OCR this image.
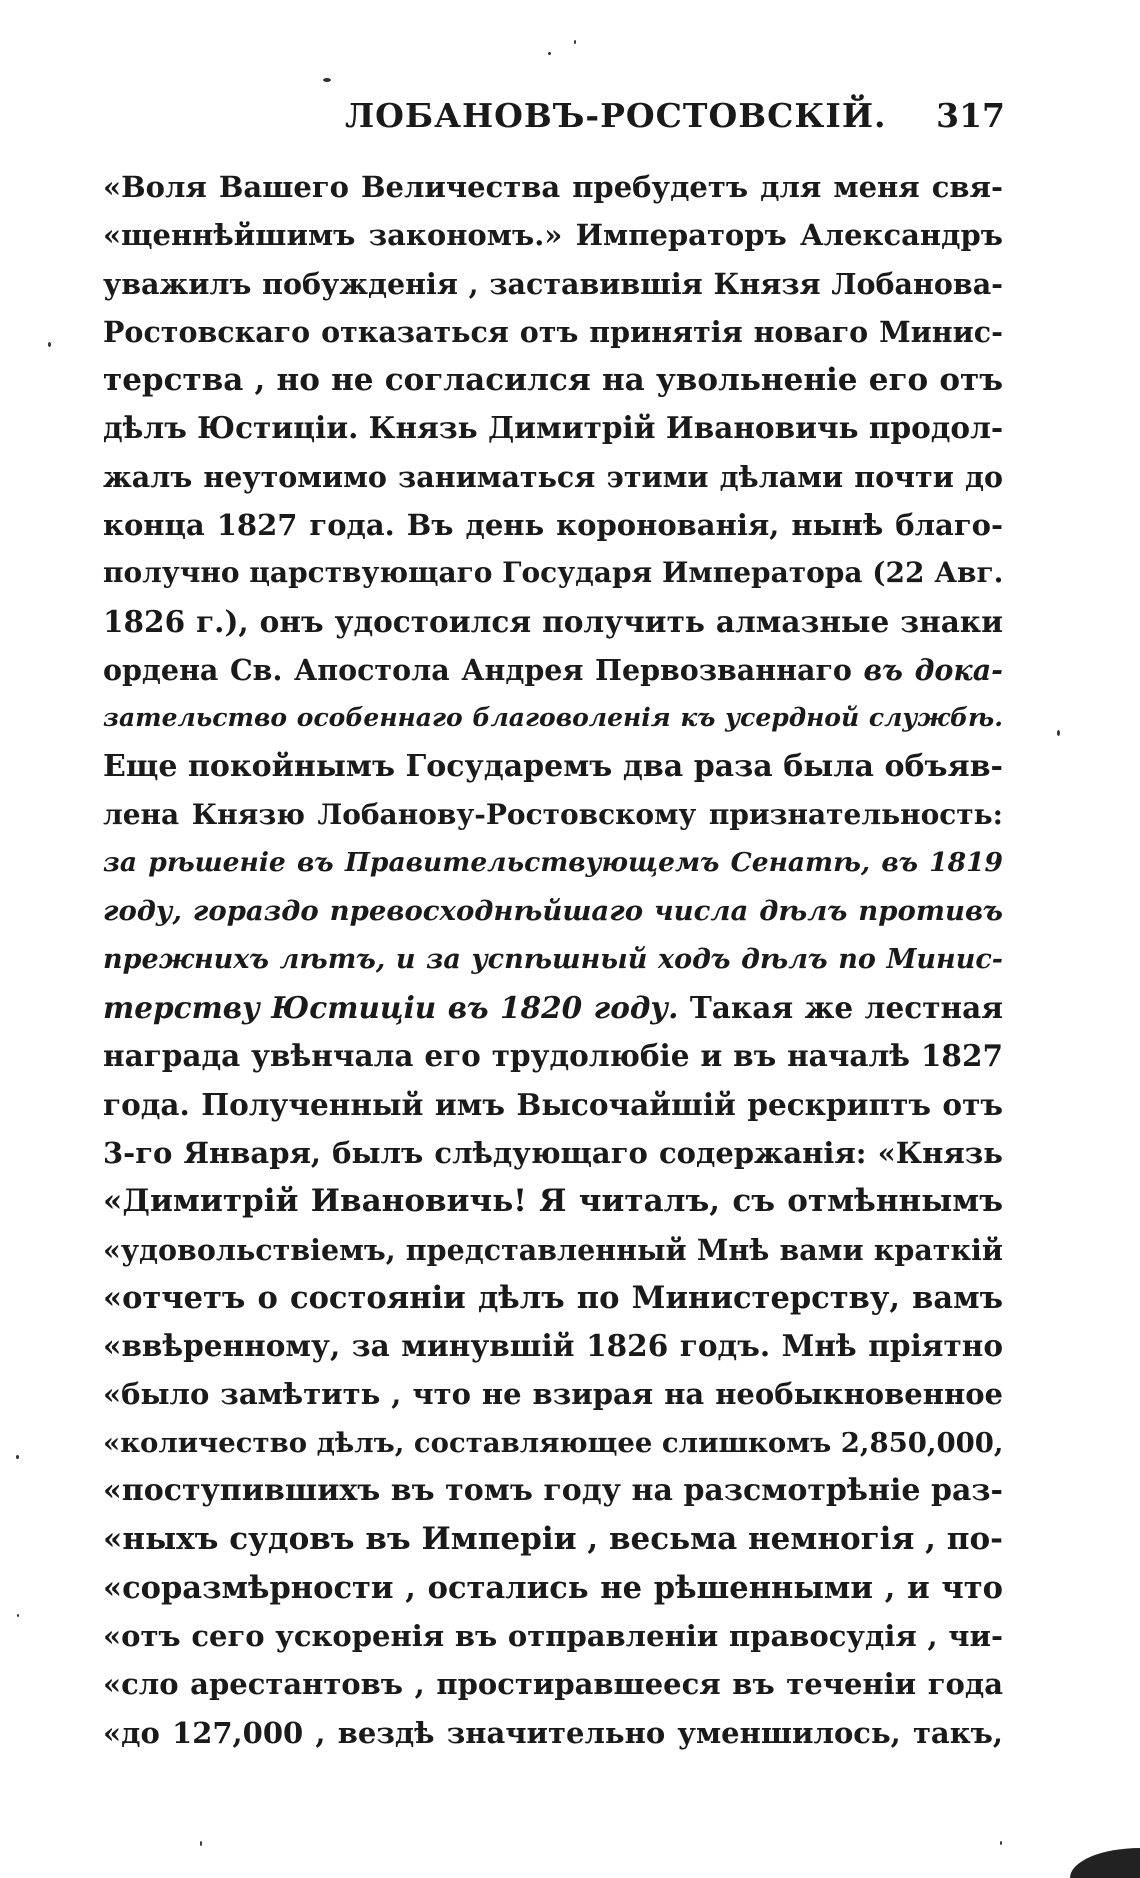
ЛОБАНОВЪ-РОСТОВСКІЙ. 317
«Воля Вашего Величества пребудетъ для меня свя-
«щеннѣйшимъ закономъ.» Императоръ Александръ
уважилъ побужденія , заставившія Князя Лобанова-
Ростовскаго отказаться отъ принятія новаго Минис-
терства , но не согласился на увольненіе его отъ
дѣлъ Юстиціи. Князь Димитрій Ивановичь продол-
жалъ неутомимо заниматься этими дѣлами почти до
конца 1827 года. Въ день коронованія, нынѣ благо-
получно царствующаго Государя Императора (22 Авг.
1826 г.), онъ удостоился получить алмазные знаки
ордена Св. Апостола Андрея Первозваннаго въ дока-
зательство особеннаго благоволенія къ усердной службѣ.
Еще покойнымъ Государемъ два раза была объяв-
лена Князю Лобанову-Ростовскому признательность:
за рѣшеніе въ Правительствующемъ Сенатѣ, въ 1819
году, гораздо превосходнѣйшаго числа дѣлъ противъ
прежнихъ лѣтъ, и за успѣшный ходъ дѣлъ по Минис-
терству Юстиціи въ 1820 году. Такая же лестная
награда увѣнчала его трудолюбіе и въ началѣ 1827
года. Полученный имъ Высочайшій рескриптъ отъ
3-го Января, былъ слѣдующаго содержанія: «Князь
«Димитрій Ивановичь! Я читалъ, съ отмѣннымъ
«удовольствіемъ, представленный Мнѣ вами краткій
«отчетъ о состояніи дѣлъ по Министерству, вамъ
«ввѣренному, за минувшій 1826 годъ. Мнѣ пріятно
«было замѣтить , что не взирая на необыкновенное
«количество дѣлъ, составляющее слишкомъ 2,850,000,
«поступившихъ въ томъ году на разсмотрѣніе раз-
«ныхъ судовъ въ Имперіи , весьма немногія , по-
«соразмѣрности , остались не рѣшенными , и что
«отъ сего ускоренія въ отправленіи правосудія , чи-
«сло арестантовъ , простиравшееся въ теченіи года
«до 127,000 , вездѣ значительно уменшилось, такъ,
